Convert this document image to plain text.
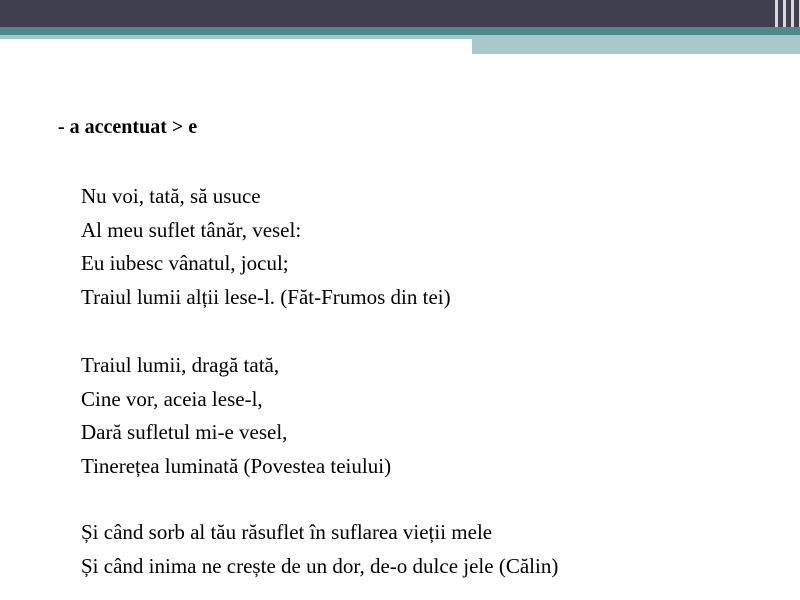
- a accentuat > e
Nu voi, tată, să usuce
Al meu suflet tânăr, vesel:
Eu iubesc vânatul, jocul;
Traiul lumii alții lese-l. (Făt-Frumos din tei)
Traiul lumii, dragă tată,
Cine vor, aceia lese-l,
Dară sufletul mi-e vesel,
Tinerețea luminată (Povestea teiului)
Și când sorb al tău răsuflet în suflarea vieții mele
Și când inima ne crește de un dor, de-o dulce jele (Călin)
